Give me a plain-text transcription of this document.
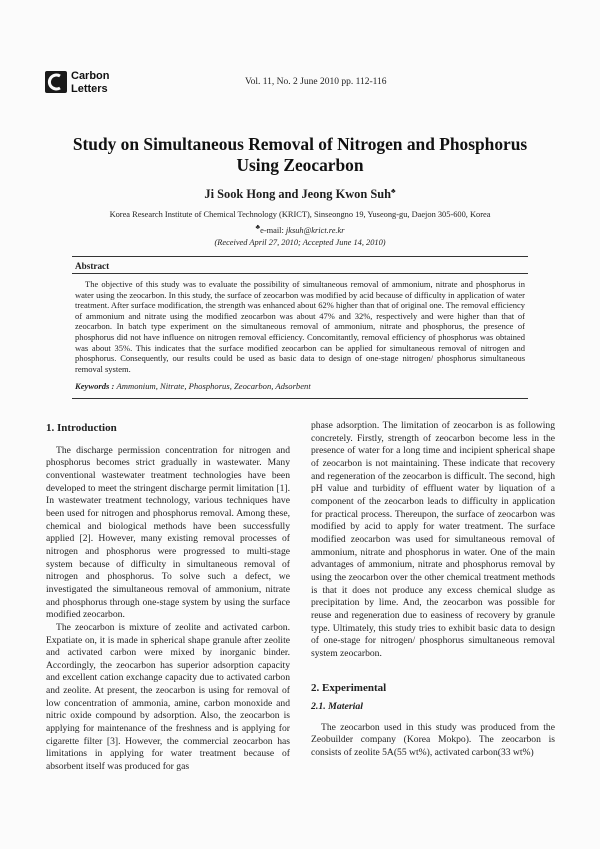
Carbon
Letters
Vol. 11, No. 2 June 2010 pp. 112-116
Study on Simultaneous Removal of Nitrogen and Phosphorus
Using Zeocarbon
Ji Sook Hong and Jeong Kwon Suh♣
Korea Research Institute of Chemical Technology (KRICT), Sinseongno 19, Yuseong-gu, Daejon 305-600, Korea
♣e-mail: jksuh@krict.re.kr
(Received April 27, 2010; Accepted June 14, 2010)
Abstract
The objective of this study was to evaluate the possibility of simultaneous removal of ammonium, nitrate and phosphorus in water using the zeocarbon. In this study, the surface of zeocarbon was modified by acid because of difficulty in application of water treatment. After surface modification, the strength was enhanced about 62% higher than that of original one. The removal efficiency of ammonium and nitrate using the modified zeocarbon was about 47% and 32%, respectively and were higher than that of zeocarbon. In batch type experiment on the simultaneous removal of ammonium, nitrate and phosphorus, the presence of phosphorus did not have influence on nitrogen removal efficiency. Concomitantly, removal efficiency of phosphorus was obtained was about 35%. This indicates that the surface modified zeocarbon can be applied for simultaneous removal of nitrogen and phosphorus. Consequently, our results could be used as basic data to design of one-stage nitrogen/ phosphorus simultaneous removal system.
Keywords : Ammonium, Nitrate, Phosphorus, Zeocarbon, Adsorbent

1. Introduction

The discharge permission concentration for nitrogen and phosphorus becomes strict gradually in wastewater. Many conventional wastewater treatment technologies have been developed to meet the stringent discharge permit limitation [1]. In wastewater treatment technology, various techniques have been used for nitrogen and phosphorus removal. Among these, chemical and biological methods have been successfully applied [2]. However, many existing removal processes of nitrogen and phosphorus were progressed to multi-stage system because of difficulty in simultaneous removal of nitrogen and phosphorus. To solve such a defect, we investigated the simultaneous removal of ammonium, nitrate and phosphorus through one-stage system by using the surface modified zeocarbon.

The zeocarbon is mixture of zeolite and activated carbon. Expatiate on, it is made in spherical shape granule after zeolite and activated carbon were mixed by inorganic binder. Accordingly, the zeocarbon has superior adsorption capacity and excellent cation exchange capacity due to activated carbon and zeolite. At present, the zeocarbon is using for removal of low concentration of ammonia, amine, carbon monoxide and nitric oxide compound by adsorption. Also, the zeocarbon is applying for maintenance of the freshness and is applying for cigarette filter [3]. However, the commercial zeocarbon has limitations in applying for water treatment because of absorbent itself was produced for gas

phase adsorption. The limitation of zeocarbon is as following concretely. Firstly, strength of zeocarbon become less in the presence of water for a long time and incipient spherical shape of zeocarbon is not maintaining. These indicate that recovery and regeneration of the zeocarbon is difficult. The second, high pH value and turbidity of effluent water by liquation of a component of the zeocarbon leads to difficulty in application for practical process. Thereupon, the surface of zeocarbon was modified by acid to apply for water treatment. The surface modified zeocarbon was used for simultaneous removal of ammonium, nitrate and phosphorus in water. One of the main advantages of ammonium, nitrate and phosphorus removal by using the zeocarbon over the other chemical treatment methods is that it does not produce any excess chemical sludge as precipitation by lime. And, the zeocarbon was possible for reuse and regeneration due to easiness of recovery by granule type. Ultimately, this study tries to exhibit basic data to design of one-stage for nitrogen/ phosphorus simultaneous removal system zeocarbon.

2. Experimental

2.1. Material

The zeocarbon used in this study was produced from the Zeobuilder company (Korea Mokpo). The zeocarbon is consists of zeolite 5A(55 wt%), activated carbon(33 wt%)
